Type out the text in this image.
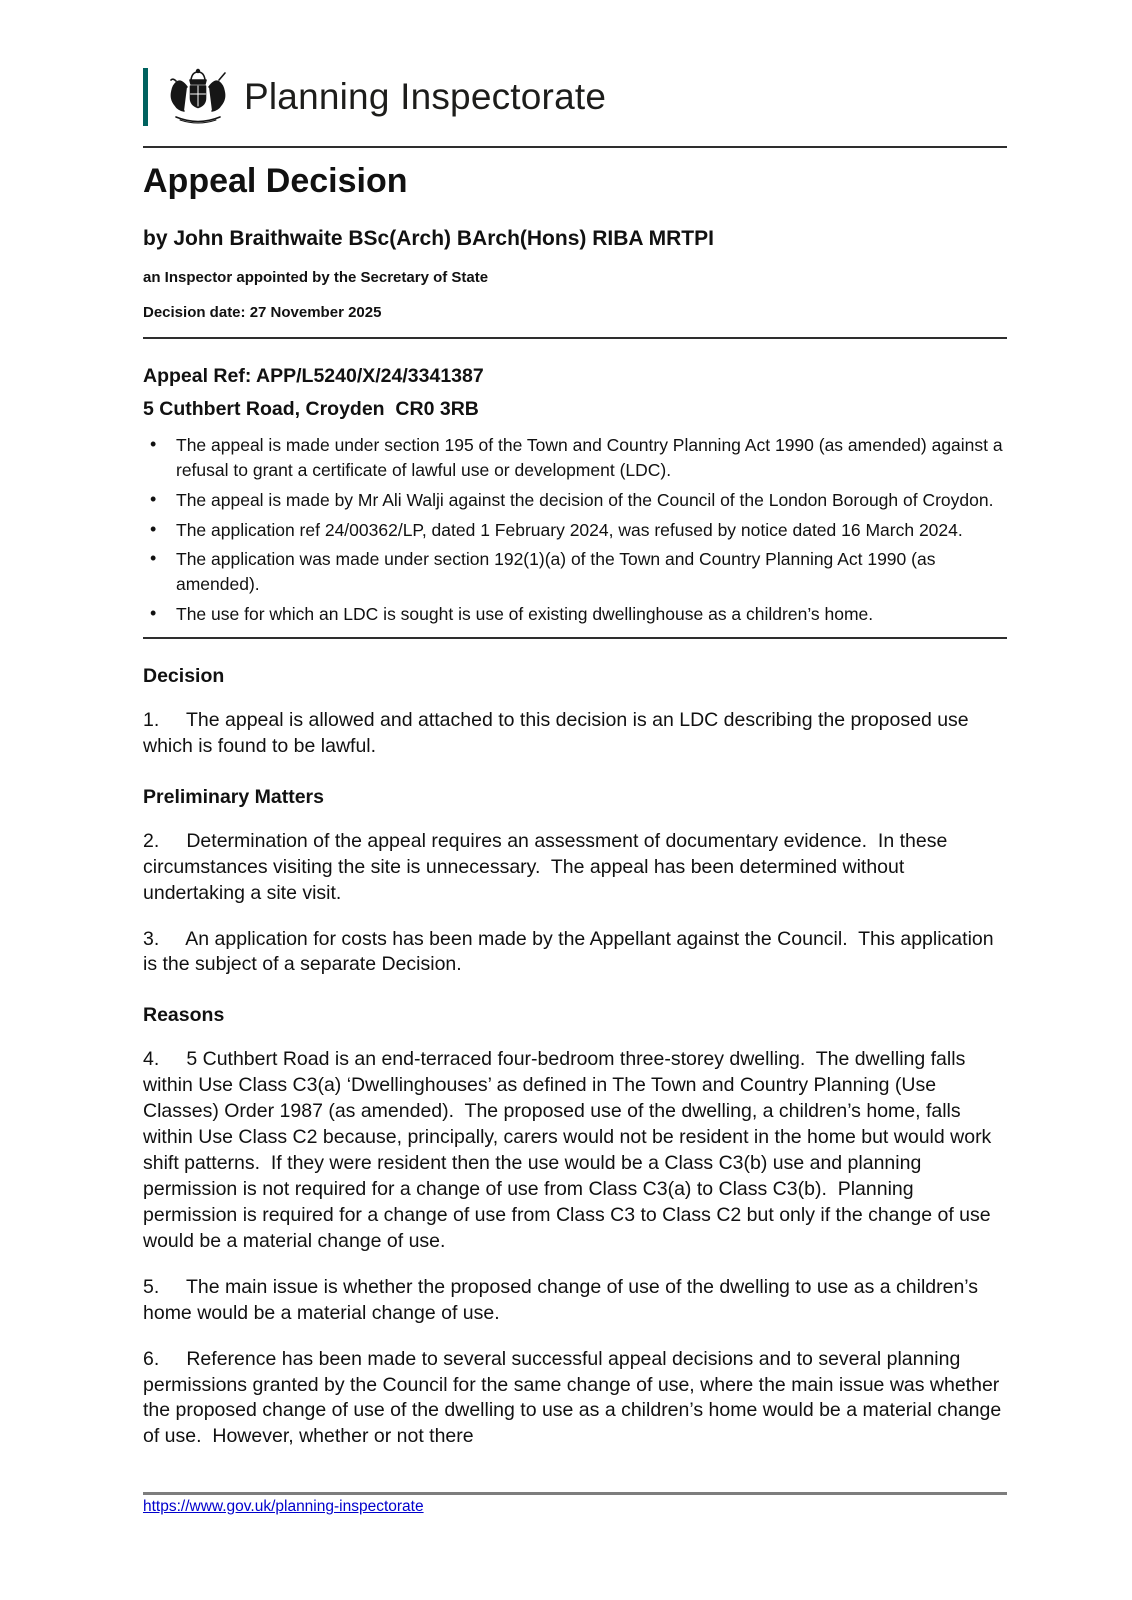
Planning Inspectorate
Appeal Decision
by John Braithwaite BSc(Arch) BArch(Hons) RIBA MRTPI
an Inspector appointed by the Secretary of State
Decision date: 27 November 2025
Appeal Ref: APP/L5240/X/24/3341387
5 Cuthbert Road, Croyden  CR0 3RB
• The appeal is made under section 195 of the Town and Country Planning Act 1990 (as amended) against a refusal to grant a certificate of lawful use or development (LDC).
• The appeal is made by Mr Ali Walji against the decision of the Council of the London Borough of Croydon.
• The application ref 24/00362/LP, dated 1 February 2024, was refused by notice dated 16 March 2024.
• The application was made under section 192(1)(a) of the Town and Country Planning Act 1990 (as amended).
• The use for which an LDC is sought is use of existing dwellinghouse as a children’s home.
Decision

1.     The appeal is allowed and attached to this decision is an LDC describing the proposed use which is found to be lawful.

Preliminary Matters

2.     Determination of the appeal requires an assessment of documentary evidence.  In these circumstances visiting the site is unnecessary.  The appeal has been determined without undertaking a site visit.

3.     An application for costs has been made by the Appellant against the Council.  This application is the subject of a separate Decision.

Reasons

4.     5 Cuthbert Road is an end-terraced four-bedroom three-storey dwelling.  The dwelling falls within Use Class C3(a) ‘Dwellinghouses’ as defined in The Town and Country Planning (Use Classes) Order 1987 (as amended).  The proposed use of the dwelling, a children’s home, falls within Use Class C2 because, principally, carers would not be resident in the home but would work shift patterns.  If they were resident then the use would be a Class C3(b) use and planning permission is not required for a change of use from Class C3(a) to Class C3(b).  Planning permission is required for a change of use from Class C3 to Class C2 but only if the change of use would be a material change of use.

5.     The main issue is whether the proposed change of use of the dwelling to use as a children’s home would be a material change of use.

6.     Reference has been made to several successful appeal decisions and to several planning permissions granted by the Council for the same change of use, where the main issue was whether the proposed change of use of the dwelling to use as a children’s home would be a material change of use.  However, whether or not there

https://www.gov.uk/planning-inspectorate
